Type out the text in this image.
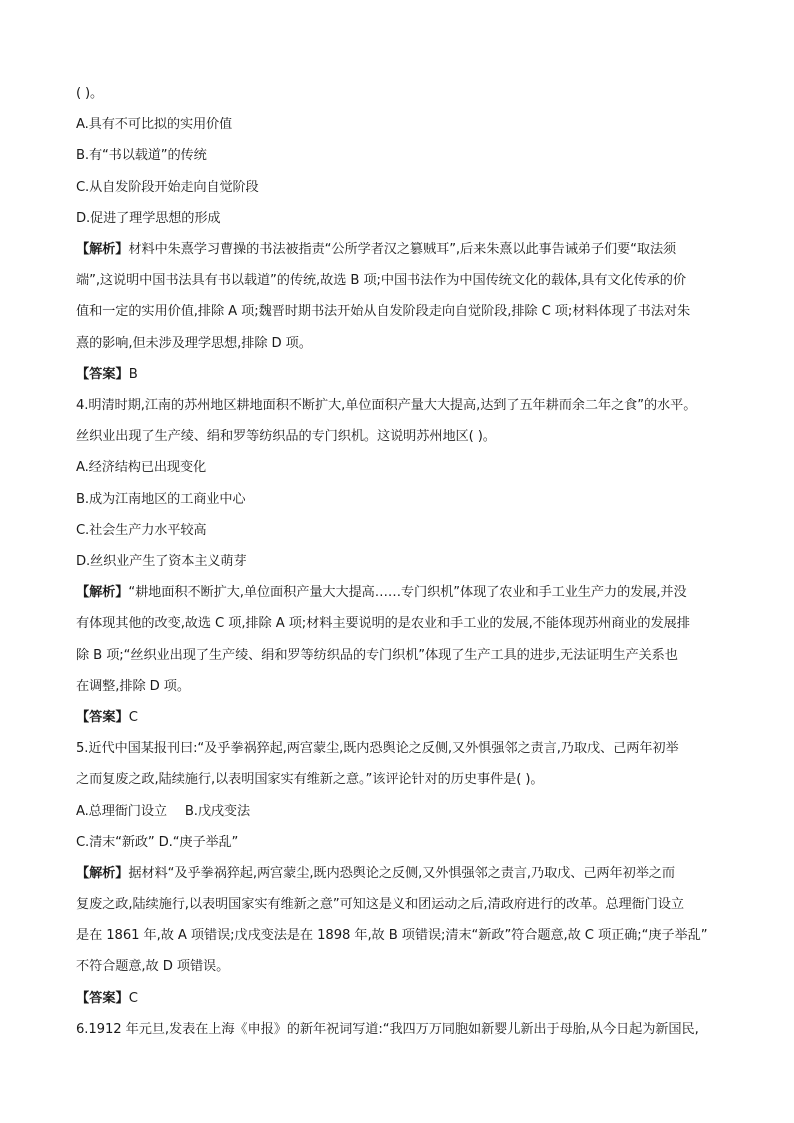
( )。
A.具有不可比拟的实用价值
B.有“书以载道”的传统
C.从自发阶段开始走向自觉阶段
D.促进了理学思想的形成
【解析】材料中朱熹学习曹操的书法被指责“公所学者汉之篡贼耳”,后来朱熹以此事告诫弟子们要“取法须
端”,这说明中国书法具有书以载道”的传统,故选 B 项;中国书法作为中国传统文化的载体,具有文化传承的价
值和一定的实用价值,排除 A 项;魏晋时期书法开始从自发阶段走向自觉阶段,排除 C 项;材料体现了书法对朱
熹的影响,但未涉及理学思想,排除 D 项。
【答案】B
4.明清时期,江南的苏州地区耕地面积不断扩大,单位面积产量大大提高,达到了五年耕而余二年之食”的水平。
丝织业出现了生产绫、绢和罗等纺织品的专门织机。这说明苏州地区( )。
A.经济结构已出现变化
B.成为江南地区的工商业中心
C.社会生产力水平较高
D.丝织业产生了资本主义萌芽
【解析】“耕地面积不断扩大,单位面积产量大大提高……专门织机”体现了农业和手工业生产力的发展,并没
有体现其他的改变,故选 C 项,排除 A 项;材料主要说明的是农业和手工业的发展,不能体现苏州商业的发展排
除 B 项;“丝织业出现了生产绫、绢和罗等纺织品的专门织机”体现了生产工具的进步,无法证明生产关系也
在调整,排除 D 项。
【答案】C
5.近代中国某报刊曰:“及乎拳祸猝起,两宫蒙尘,既内恐舆论之反侧,又外惧强邻之责言,乃取戊、己两年初举
之而复废之政,陆续施行,以表明国家实有维新之意。”该评论针对的历史事件是( )。
A.总理衙门设立 B.戊戌变法
C.清末“新政” D.“庚子举乱”
【解析】据材料“及乎拳祸猝起,两宫蒙尘,既内恐舆论之反侧,又外惧强邻之责言,乃取戊、己两年初举之而
复废之政,陆续施行,以表明国家实有维新之意”可知这是义和团运动之后,清政府进行的改革。总理衙门设立
是在 1861 年,故 A 项错误;戊戌变法是在 1898 年,故 B 项错误;清末“新政”符合题意,故 C 项正确;“庚子举乱”
不符合题意,故 D 项错误。
【答案】C
6.1912 年元旦,发表在上海《申报》的新年祝词写道:“我四万万同胞如新婴儿新出于母胎,从今日起为新国民,
